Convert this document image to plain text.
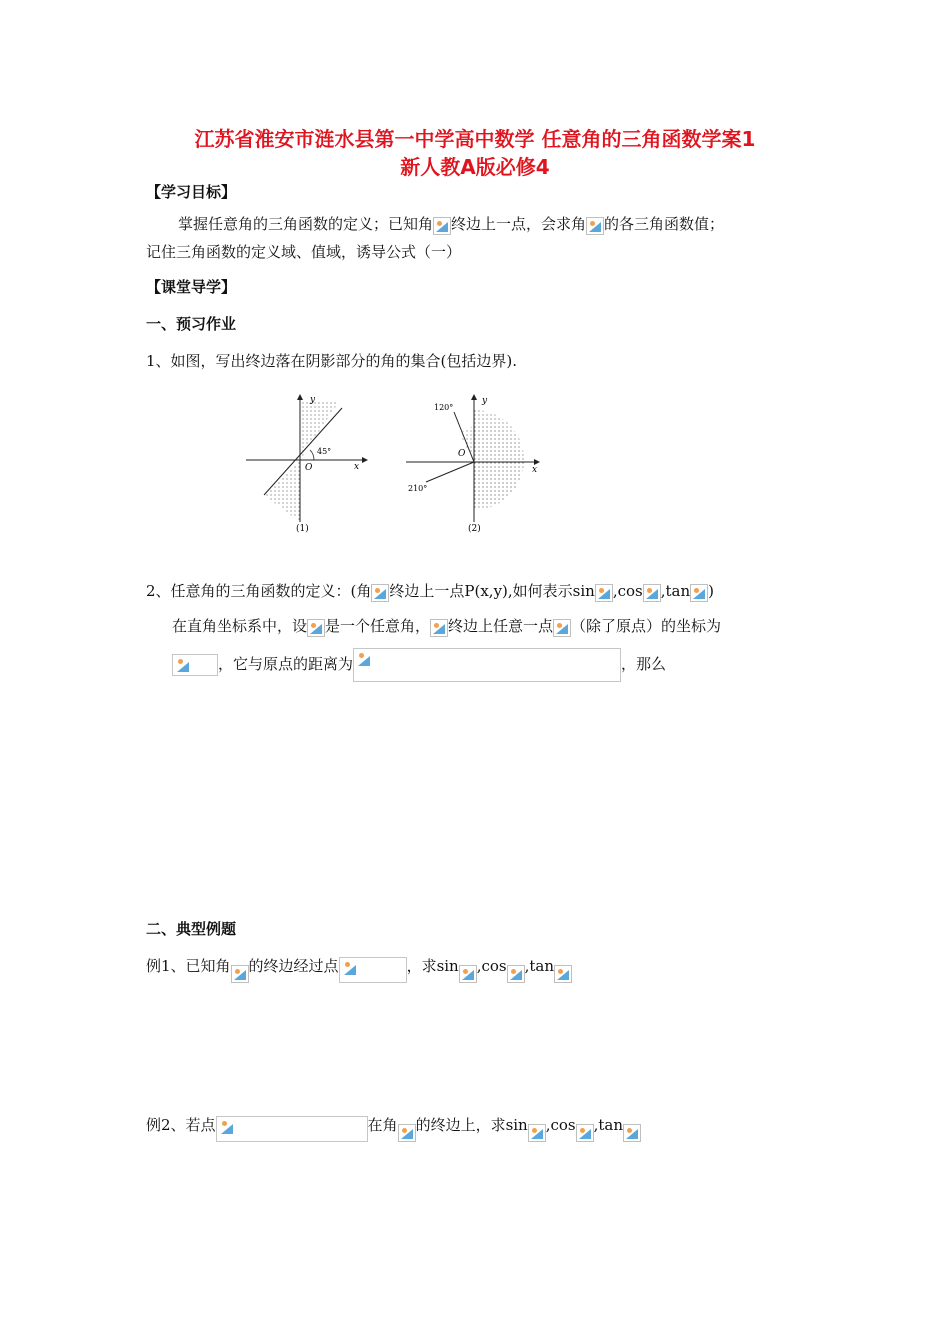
江苏省淮安市涟水县第一中学高中数学 任意角的三角函数学案1
新人教A版必修4
【学习目标】
掌握任意角的三角函数的定义；已知角 终边上一点，会求角 的各三角函数值；
记住三角函数的定义域、值域，诱导公式（一）
【课堂导学】
一、预习作业
1、如图，写出终边落在阴影部分的角的集合(包括边界).
y
x
O
45°
(1)
y
x
O
120°
210°
(2)
2、任意角的三角函数的定义：(角 终边上一点P(x,y),如何表示sin ,cos ,tan )
在直角坐标系中，设 是一个任意角， 终边上任意一点 （除了原点）的坐标为
，它与原点的距离为	，那么
二、典型例题
例1、已知角 的终边经过点	，求sin ,cos ,tan
例2、若点	在角 的终边上，求sin ,cos ,tan
